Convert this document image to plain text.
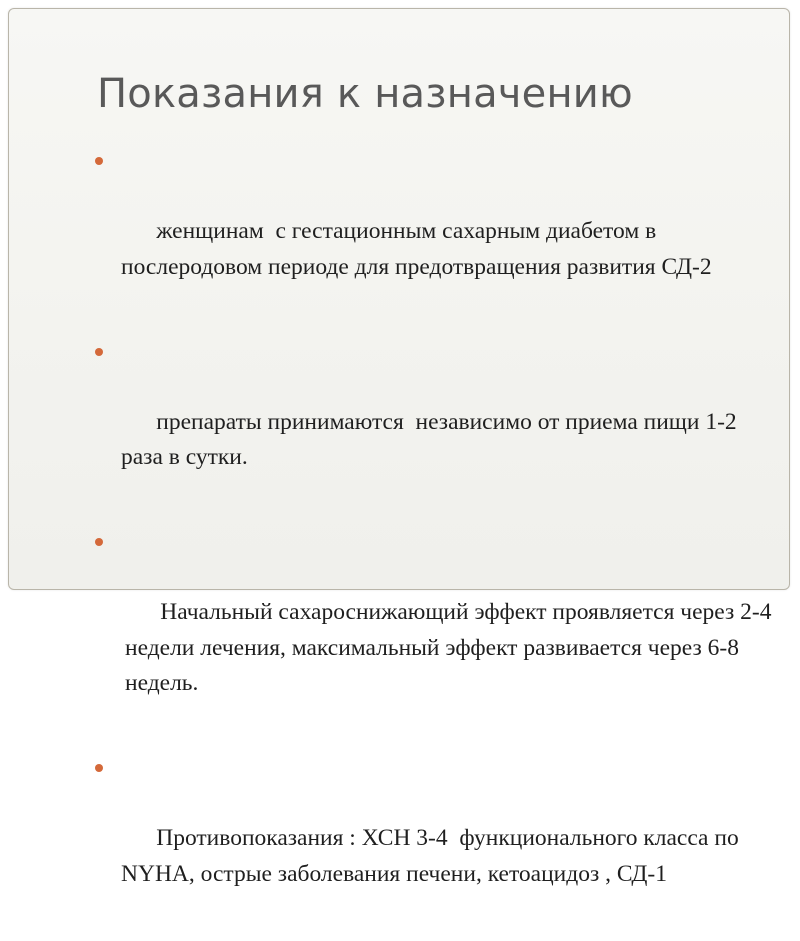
Показания к назначению

женщинам  с гестационным сахарным диабетом в послеродовом периоде для предотвращения развития СД-2

препараты принимаются  независимо от приема пищи 1-2 раза в сутки.

Начальный сахароснижающий эффект проявляется через 2-4 недели лечения, максимальный эффект развивается через 6-8 недель.

Противопоказания : ХСН 3-4  функционального класса по NYHA, острые заболевания печени, кетоацидоз , СД-1
